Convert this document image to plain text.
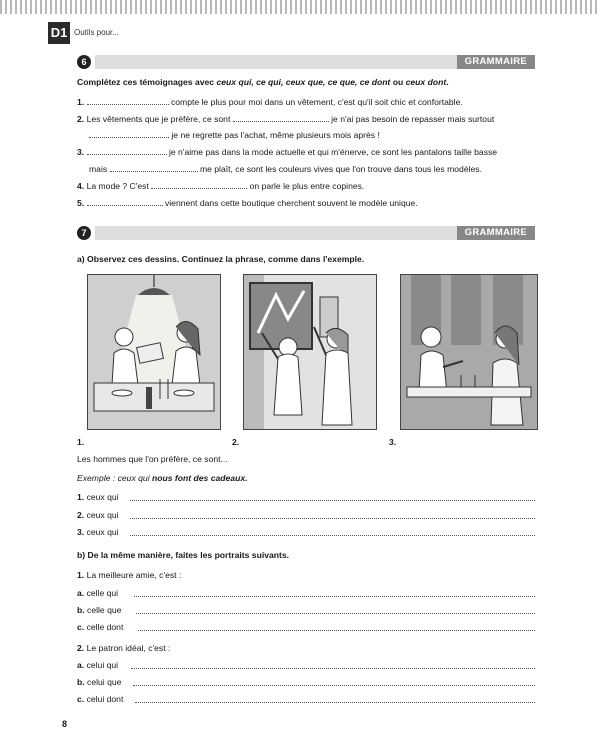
D1 Outils pour...
6	GRAMMAIRE
Complétez ces témoignages avec ceux qui, ce qui, ceux que, ce que, ce dont ou ceux dont.
1.	compte le plus pour moi dans un vêtement, c'est qu'il soit chic et confortable.
2. Les vêtements que je préfère, ce sont	je n'ai pas besoin de repasser mais surtout
je ne regrette pas l'achat, même plusieurs mois après !
3.	je n'aime pas dans la mode actuelle et qui m'énerve, ce sont les pantalons taille basse
mais	me plaît, ce sont les couleurs vives que l'on trouve dans tous les modèles.
4. La mode ? C'est	on parle le plus entre copines.
5.	viennent dans cette boutique cherchent souvent le modèle unique.
7	GRAMMAIRE
a) Observez ces dessins. Continuez la phrase, comme dans l'exemple.
1.	2.	3.
Les hommes que l'on préfère, ce sont...
Exemple : ceux qui nous font des cadeaux.
1. ceux qui
2. ceux qui
3. ceux qui
b) De la même manière, faites les portraits suivants.
1. La meilleure amie, c'est :
a. celle qui
b. celle que
c. celle dont
2. Le patron idéal, c'est :
a. celui qui
b. celui que
c. celui dont
8
